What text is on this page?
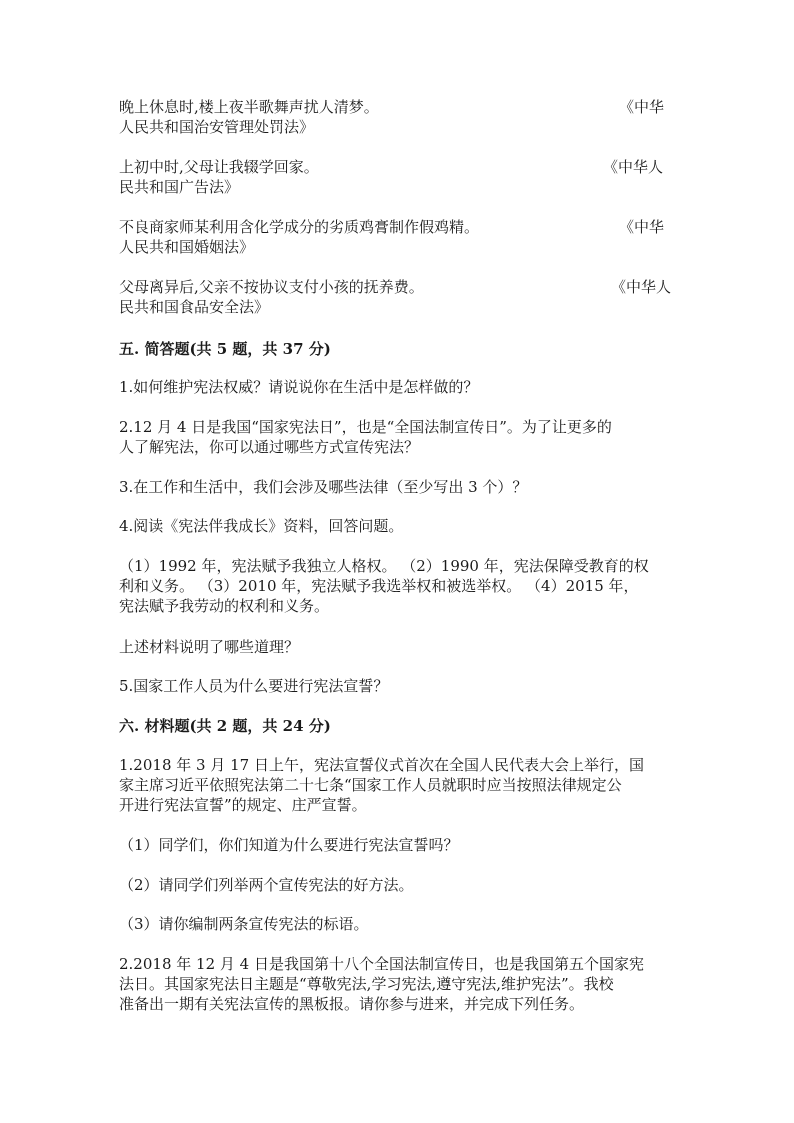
晚上休息时,楼上夜半歌舞声扰人清梦。	《中华
人民共和国治安管理处罚法》
上初中时,父母让我辍学回家。	《中华人
民共和国广告法》
不良商家师某利用含化学成分的劣质鸡膏制作假鸡精。	《中华
人民共和国婚姻法》
父母离异后,父亲不按协议支付小孩的抚养费。	《中华人
民共和国食品安全法》
五. 简答题(共 5 题，共 37 分)
1.如何维护宪法权威？请说说你在生活中是怎样做的？
2.12 月 4 日是我国“国家宪法日”，也是“全国法制宣传日”。为了让更多的
人了解宪法，你可以通过哪些方式宣传宪法？
3.在工作和生活中，我们会涉及哪些法律（至少写出 3 个）？
4.阅读《宪法伴我成长》资料，回答问题。
（1）1992 年，宪法赋予我独立人格权。 （2）1990 年，宪法保障受教育的权
利和义务。 （3）2010 年，宪法赋予我选举权和被选举权。 （4）2015 年，
宪法赋予我劳动的权利和义务。
上述材料说明了哪些道理？
5.国家工作人员为什么要进行宪法宣誓？
六. 材料题(共 2 题，共 24 分)
1.2018 年 3 月 17 日上午，宪法宣誓仪式首次在全国人民代表大会上举行，国
家主席习近平依照宪法第二十七条“国家工作人员就职时应当按照法律规定公
开进行宪法宣誓”的规定、庄严宣誓。
（1）同学们，你们知道为什么要进行宪法宣誓吗？
（2）请同学们列举两个宣传宪法的好方法。
（3）请你编制两条宣传宪法的标语。
2.2018 年 12 月 4 日是我国第十八个全国法制宣传日，也是我国第五个国家宪
法日。其国家宪法日主题是“尊敬宪法,学习宪法,遵守宪法,维护宪法”。我校
准备出一期有关宪法宣传的黑板报。请你参与进来，并完成下列任务。
